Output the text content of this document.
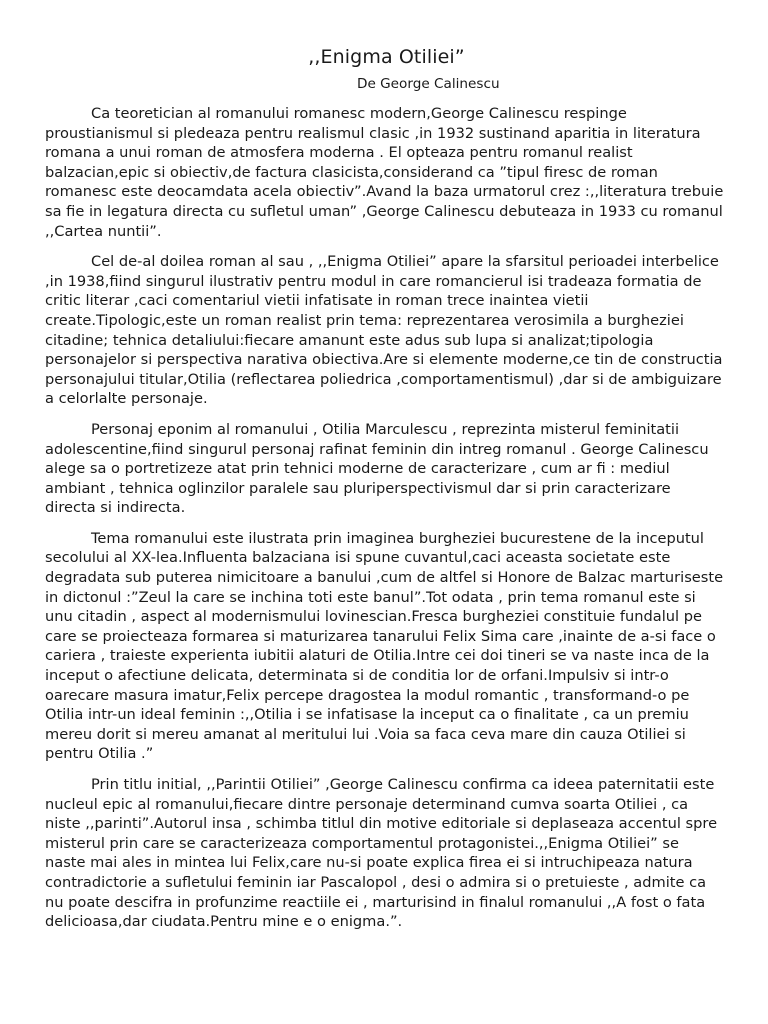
,,Enigma Otiliei”
De George Calinescu

Ca teoretician al romanului romanesc modern,George Calinescu respinge proustianismul si pledeaza pentru realismul clasic ,in 1932 sustinand aparitia in literatura romana a unui roman de atmosfera moderna . El opteaza pentru romanul realist balzacian,epic si obiectiv,de factura clasicista,considerand ca ”tipul firesc de roman romanesc este deocamdata acela obiectiv”.Avand la baza urmatorul crez :,,literatura trebuie sa fie in legatura directa cu sufletul uman” ,George Calinescu debuteaza in 1933 cu romanul ,,Cartea nuntii”.

Cel de-al doilea roman al sau , ,,Enigma Otiliei” apare la sfarsitul perioadei interbelice ,in 1938,fiind singurul ilustrativ pentru modul in care romancierul isi tradeaza formatia de critic literar ,caci comentariul vietii infatisate in roman trece inaintea vietii create.Tipologic,este un roman realist prin tema: reprezentarea verosimila a burgheziei citadine; tehnica detaliului:fiecare amanunt este adus sub lupa si analizat;tipologia personajelor si perspectiva narativa obiectiva.Are si elemente moderne,ce tin de constructia personajului titular,Otilia (reflectarea poliedrica ,comportamentismul) ,dar si de ambiguizare a celorlalte personaje.

Personaj eponim al romanului , Otilia Marculescu , reprezinta misterul feminitatii adolescentine,fiind singurul personaj rafinat feminin din intreg romanul . George Calinescu alege sa o portretizeze atat prin tehnici moderne de caracterizare , cum ar fi : mediul ambiant , tehnica oglinzilor paralele sau pluriperspectivismul dar si prin caracterizare directa si indirecta.

Tema romanului este ilustrata prin imaginea burgheziei bucurestene de la inceputul secolului al XX-lea.Influenta balzaciana isi spune cuvantul,caci aceasta societate este degradata sub puterea nimicitoare a banului ,cum de altfel si Honore de Balzac marturiseste in dictonul :”Zeul la care se inchina toti este banul”.Tot odata , prin tema romanul este si unu citadin , aspect al modernismului lovinescian.Fresca burgheziei constituie fundalul pe care se proiecteaza formarea si maturizarea tanarului Felix Sima care ,inainte de a-si face o cariera , traieste experienta iubitii alaturi de Otilia.Intre cei doi tineri se va naste inca de la inceput o afectiune delicata, determinata si de conditia lor de orfani.Impulsiv si intr-o oarecare masura imatur,Felix percepe dragostea la modul romantic , transformand-o pe Otilia intr-un ideal feminin :,,Otilia i se infatisase la inceput ca o finalitate , ca un premiu mereu dorit si mereu amanat al meritului lui .Voia sa faca ceva mare din cauza Otiliei si pentru Otilia .”

Prin titlu initial, ,,Parintii Otiliei” ,George Calinescu confirma ca ideea paternitatii este nucleul epic al romanului,fiecare dintre personaje determinand cumva soarta Otiliei , ca niste ,,parinti”.Autorul insa , schimba titlul din motive editoriale si deplaseaza accentul spre misterul prin care se caracterizeaza comportamentul protagonistei.,,Enigma Otiliei” se naste mai ales in mintea lui Felix,care nu-si poate explica firea ei si intruchipeaza natura contradictorie a sufletului feminin iar Pascalopol , desi o admira si o pretuieste , admite ca nu poate descifra in profunzime reactiile ei , marturisind in finalul romanului ,,A fost o fata delicioasa,dar ciudata.Pentru mine e o enigma.”.
